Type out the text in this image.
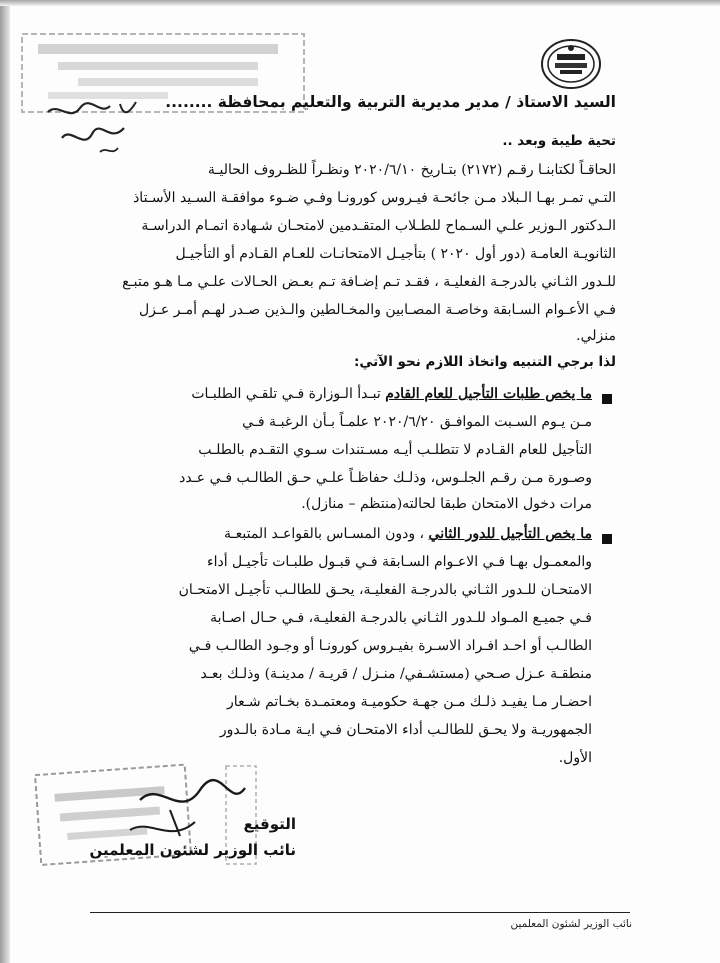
السيد الاستاذ / مدير مديرية التربية والتعليم بمحافظة ........
تحية طيبة وبعد ..
الحاقـاً لكتابنـا رقـم (٢١٧٢) بتـاريخ ٢٠٢٠/٦/١٠ ونظـراً للظـروف الحاليـة
التـي تمـر بهـا الـبلاد مـن جائحـة فيـروس كورونـا وفـي ضـوء موافقـة السـيد الأسـتاذ
الـدكتور الـوزير علـي السـماح للطـلاب المتقـدمين لامتحـان شـهادة اتمـام الدراسـة
الثانويـة العامـة (دور أول ٢٠٢٠ ) بتأجيـل الامتحانـات للعـام القـادم أو التأجيـل
للـدور الثـاني بالدرجـة الفعليـة ، فقـد تـم إضـافة تـم بعـض الحـالات علـي مـا هـو متبـع
فـي الأعـوام السـابقة وخاصـة المصـابين والمخـالطين والـذين صـدر لهـم أمـر عـزل
منزلي.
لذا برجي التنبيه واتخاذ اللازم نحو الآتي:
ما يخص طلبات التأجيل للعام القادم تبـدأ الـوزارة فـي تلقـي الطلبـات
مـن يـوم السـبت الموافـق ٢٠٢٠/٦/٢٠ علمـاً بـأن الرغبـة فـي
التأجيل للعام القـادم لا تتطلـب أيـه مسـتندات سـوي التقـدم بالطلـب
وصـورة مـن رقـم الجلـوس، وذلـك حفاظـاً علـي حـق الطالـب فـي عـدد
مرات دخول الامتحان طبقا لحالته(منتظم – منازل).
ما يخص التأجيل للدور الثاني ، ودون المسـاس بالقواعـد المتبعـة
والمعمـول بهـا فـي الاعـوام السـابقة فـي قبـول طلبـات تأجيـل أداء
الامتحـان للـدور الثـاني بالدرجـة الفعليـة، يحـق للطالـب تأجيـل الامتحـان
فـي جميـع المـواد للـدور الثـاني بالدرجـة الفعليـة، فـي حـال اصـابة
الطالـب أو احـد افـراد الاسـرة بفيـروس كورونـا أو وجـود الطالـب فـي
منطقـة عـزل صـحي (مستشـفي/ منـزل / قريـة / مدينـة) وذلـك بعـد
احضـار مـا يفيـد ذلـك مـن جهـة حكوميـة ومعتمـدة بخـاتم شـعار
الجمهوريـة ولا يحـق للطالـب أداء الامتحـان فـي ايـة مـادة بالـدور
الأول.
التوقيع
نائب الوزير لشئون المعلمين
نائب الوزير لشئون المعلمين
